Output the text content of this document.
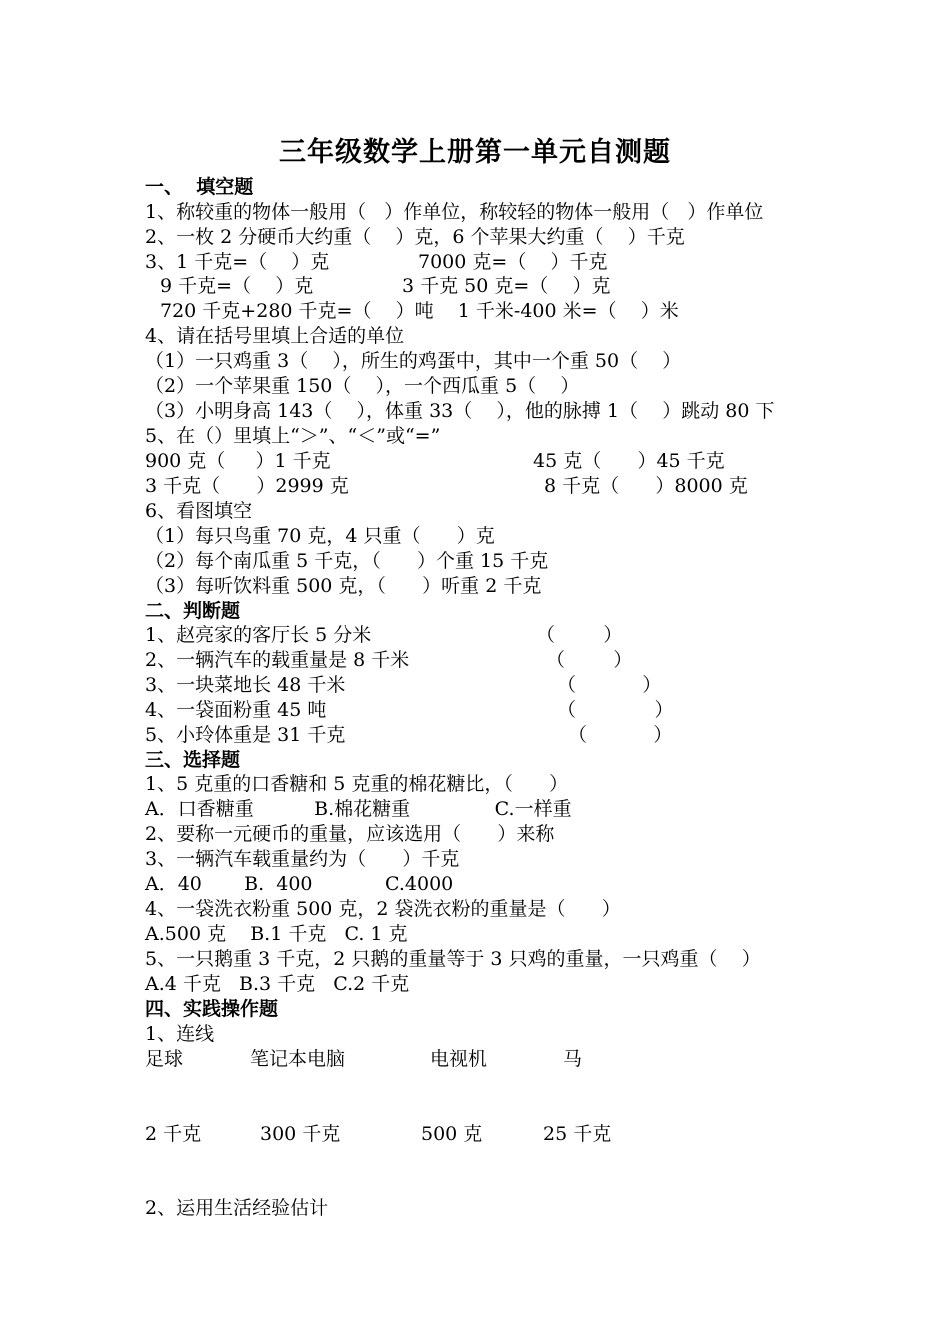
三年级数学上册第一单元自测题
一、  填空题
1、称较重的物体一般用（   ）作单位，称较轻的物体一般用（   ）作单位
2、一枚 2 分硬币大约重（    ）克，6 个苹果大约重（    ）千克
3、1 千克=（    ）克	7000 克=（    ）千克
9 千克=（    ）克	3 千克 50 克=（    ）克
720 千克+280 千克=（    ）吨    1 千米-400 米=（    ）米
4、请在括号里填上合适的单位
（1）一只鸡重 3（    ），所生的鸡蛋中，其中一个重 50（    ）
（2）一个苹果重 150（    ），一个西瓜重 5（    ）
（3）小明身高 143（    ），体重 33（    ），他的脉搏 1（    ）跳动 80 下
5、在（）里填上“＞”、“＜”或“=”
900 克（     ）1 千克	45 克（      ）45 千克
3 千克（      ）2999 克	8 千克（      ）8000 克
6、看图填空
（1）每只鸟重 70 克，4 只重（      ）克
（2）每个南瓜重 5 千克，（      ）个重 15 千克
（3）每听饮料重 500 克，（      ）听重 2 千克
二、判断题
1、赵亮家的客厅长 5 分米	（        ）
2、一辆汽车的载重量是 8 千米	（        ）
3、一块菜地长 48 千米	（           ）
4、一袋面粉重 45 吨	（             ）
5、小玲体重是 31 千克	（           ）
三、选择题
1、5 克重的口香糖和 5 克重的棉花糖比，（      ）
A．口香糖重          B.棉花糖重              C.一样重
2、要称一元硬币的重量，应该选用（      ）来称
3、一辆汽车载重量约为（      ）千克
A．40       B.  400            C.4000
4、一袋洗衣粉重 500 克，2 袋洗衣粉的重量是（      ）
A.500 克    B.1 千克   C. 1 克
5、一只鹅重 3 千克，2 只鹅的重量等于 3 只鸡的重量，一只鸡重（    ）
A.4 千克   B.3 千克   C.2 千克
四、实践操作题
1、连线
足球	笔记本电脑	电视机	马
2 千克	300 千克	500 克	25 千克
2、运用生活经验估计
